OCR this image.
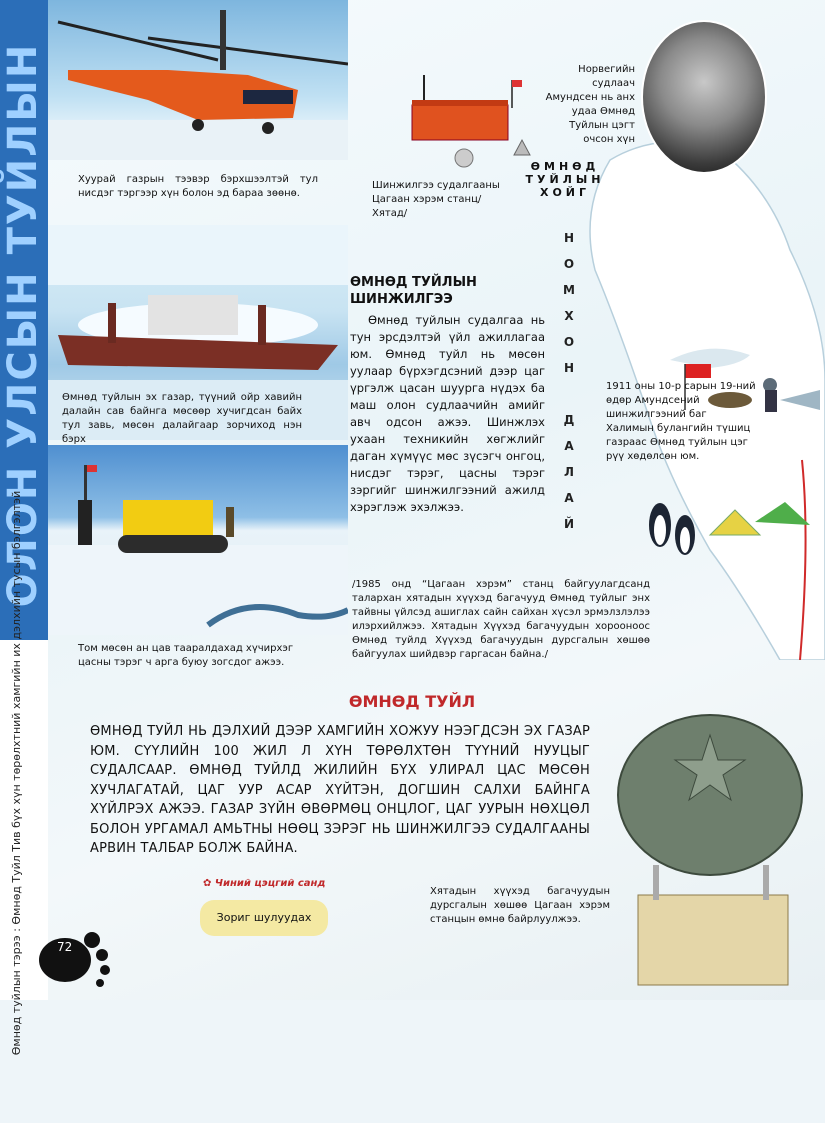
ОЛОН УЛСЫН ТУЙЛЫН
Өмнөд туйлын тэрээ : Өмнөд Туйл Тив бүх хүн төрөлхтний хамгийн их дэлхийн тусын бэлгэлтэй
Хуурай газрын тээвэр бэрхшээлтэй тул нисдэг тэргээр хүн болон эд бараа зөөнө.
Өмнөд туйлын эх газар, түүний ойр хавийн далайн сав байнга мөсөөр хучигдсан байх тул завь, мөсөн далайгаар зорчиход нэн бэрх
Том мөсөн ан цав тааралдахад хүчирхэг цасны тэрэг ч арга буюу зогсдог ажээ.
Норвегийн судлаач Амундсен нь анх удаа Өмнөд Туйлын цэгт очсон хүн
Шинжилгээ судалгааны Цагаан хэрэм станц/Хятад/
ӨМНӨД ТУЙЛЫН ХОЙГ
Н
О
М
Х
О
Н

Д
А
Л
А
Й
1911 оны 10-р сарын 19-ний өдөр Амундсений шинжилгээний баг Халимын булангийн түшиц газраас Өмнөд туйлын цэг рүү хөдөлсөн юм.
ӨМНӨД ТУЙЛЫН ШИНЖИЛГЭЭ
Өмнөд туйлын судалгаа нь тун эрсдэлтэй үйл ажиллагаа юм. Өмнөд туйл нь мөсөн уулаар бүрхэгдсэний дээр цаг үргэлж цасан шуурга нүдэх ба маш олон судлаачийн амийг авч одсон ажээ. Шинжлэх ухаан техникийн хөгжлийг даган хүмүүс мөс зүсэгч онгоц, нисдэг тэрэг, цасны тэрэг зэргийг шинжилгээний ажилд хэрэглэж эхэлжээ.
/1985 онд “Цагаан хэрэм” станц байгуулагдсанд талархан хятадын хүүхэд багачууд Өмнөд туйлыг энх тайвны үйлсэд ашиглах сайн сайхан хүсэл эрмэлзлэлээ илэрхийлжээ. Хятадын Хүүхэд багачуудын хорооноос Өмнөд туйлд Хүүхэд багачуудын дурсгалын хөшөө байгуулах шийдвэр гаргасан байна./
ӨМНӨД ТУЙЛ
ӨМНӨД ТУЙЛ НЬ ДЭЛХИЙ ДЭЭР ХАМГИЙН ХОЖУУ НЭЭГДСЭН ЭХ ГАЗАР ЮМ. СҮҮЛИЙН 100 ЖИЛ Л ХҮН ТӨРӨЛХТӨН ТҮҮНИЙ НУУЦЫГ СУДАЛСААР. ӨМНӨД ТУЙЛД ЖИЛИЙН БҮХ УЛИРАЛ ЦАС МӨСӨН ХУЧЛАГАТАЙ, ЦАГ УУР АСАР ХҮЙТЭН, ДОГШИН САЛХИ БАЙНГА ХҮЙЛРЭХ АЖЭЭ. ГАЗАР ЗҮЙН ӨВӨРМӨЦ ОНЦЛОГ, ЦАГ УУРЫН НӨХЦӨЛ БОЛОН УРГАМАЛ АМЬТНЫ НӨӨЦ ЗЭРЭГ НЬ ШИНЖИЛГЭЭ СУДАЛГААНЫ АРВИН ТАЛБАР БОЛЖ БАЙНА.
✿ Чиний цэцгий санд
Зориг шулуудах
Хятадын хүүхэд багачуудын дурсгалын хөшөө Цагаан хэрэм станцын өмнө байрлуулжээ.
72
